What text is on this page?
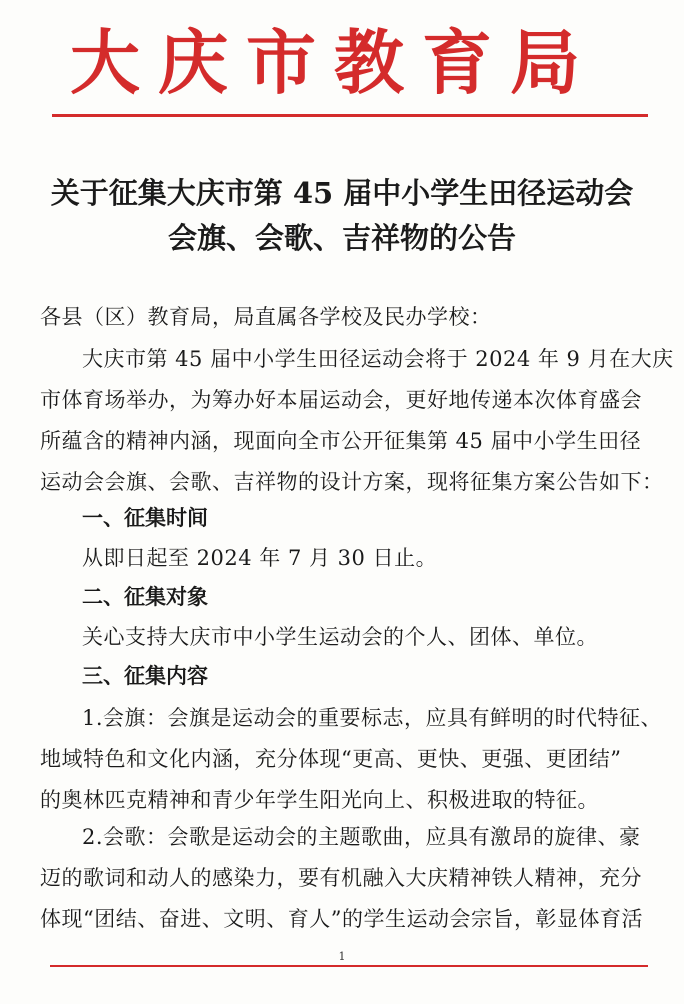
大庆市教育局
关于征集大庆市第 45 届中小学生田径运动会
会旗、会歌、吉祥物的公告
各县（区）教育局，局直属各学校及民办学校：
大庆市第 45 届中小学生田径运动会将于 2024 年 9 月在大庆
市体育场举办，为筹办好本届运动会，更好地传递本次体育盛会
所蕴含的精神内涵，现面向全市公开征集第 45 届中小学生田径
运动会会旗、会歌、吉祥物的设计方案，现将征集方案公告如下：
一、征集时间
从即日起至 2024 年 7 月 30 日止。
二、征集对象
关心支持大庆市中小学生运动会的个人、团体、单位。
三、征集内容
1.会旗：会旗是运动会的重要标志，应具有鲜明的时代特征、
地域特色和文化内涵，充分体现“更高、更快、更强、更团结”
的奥林匹克精神和青少年学生阳光向上、积极进取的特征。
2.会歌：会歌是运动会的主题歌曲，应具有激昂的旋律、豪
迈的歌词和动人的感染力，要有机融入大庆精神铁人精神，充分
体现“团结、奋进、文明、育人”的学生运动会宗旨，彰显体育活
1
